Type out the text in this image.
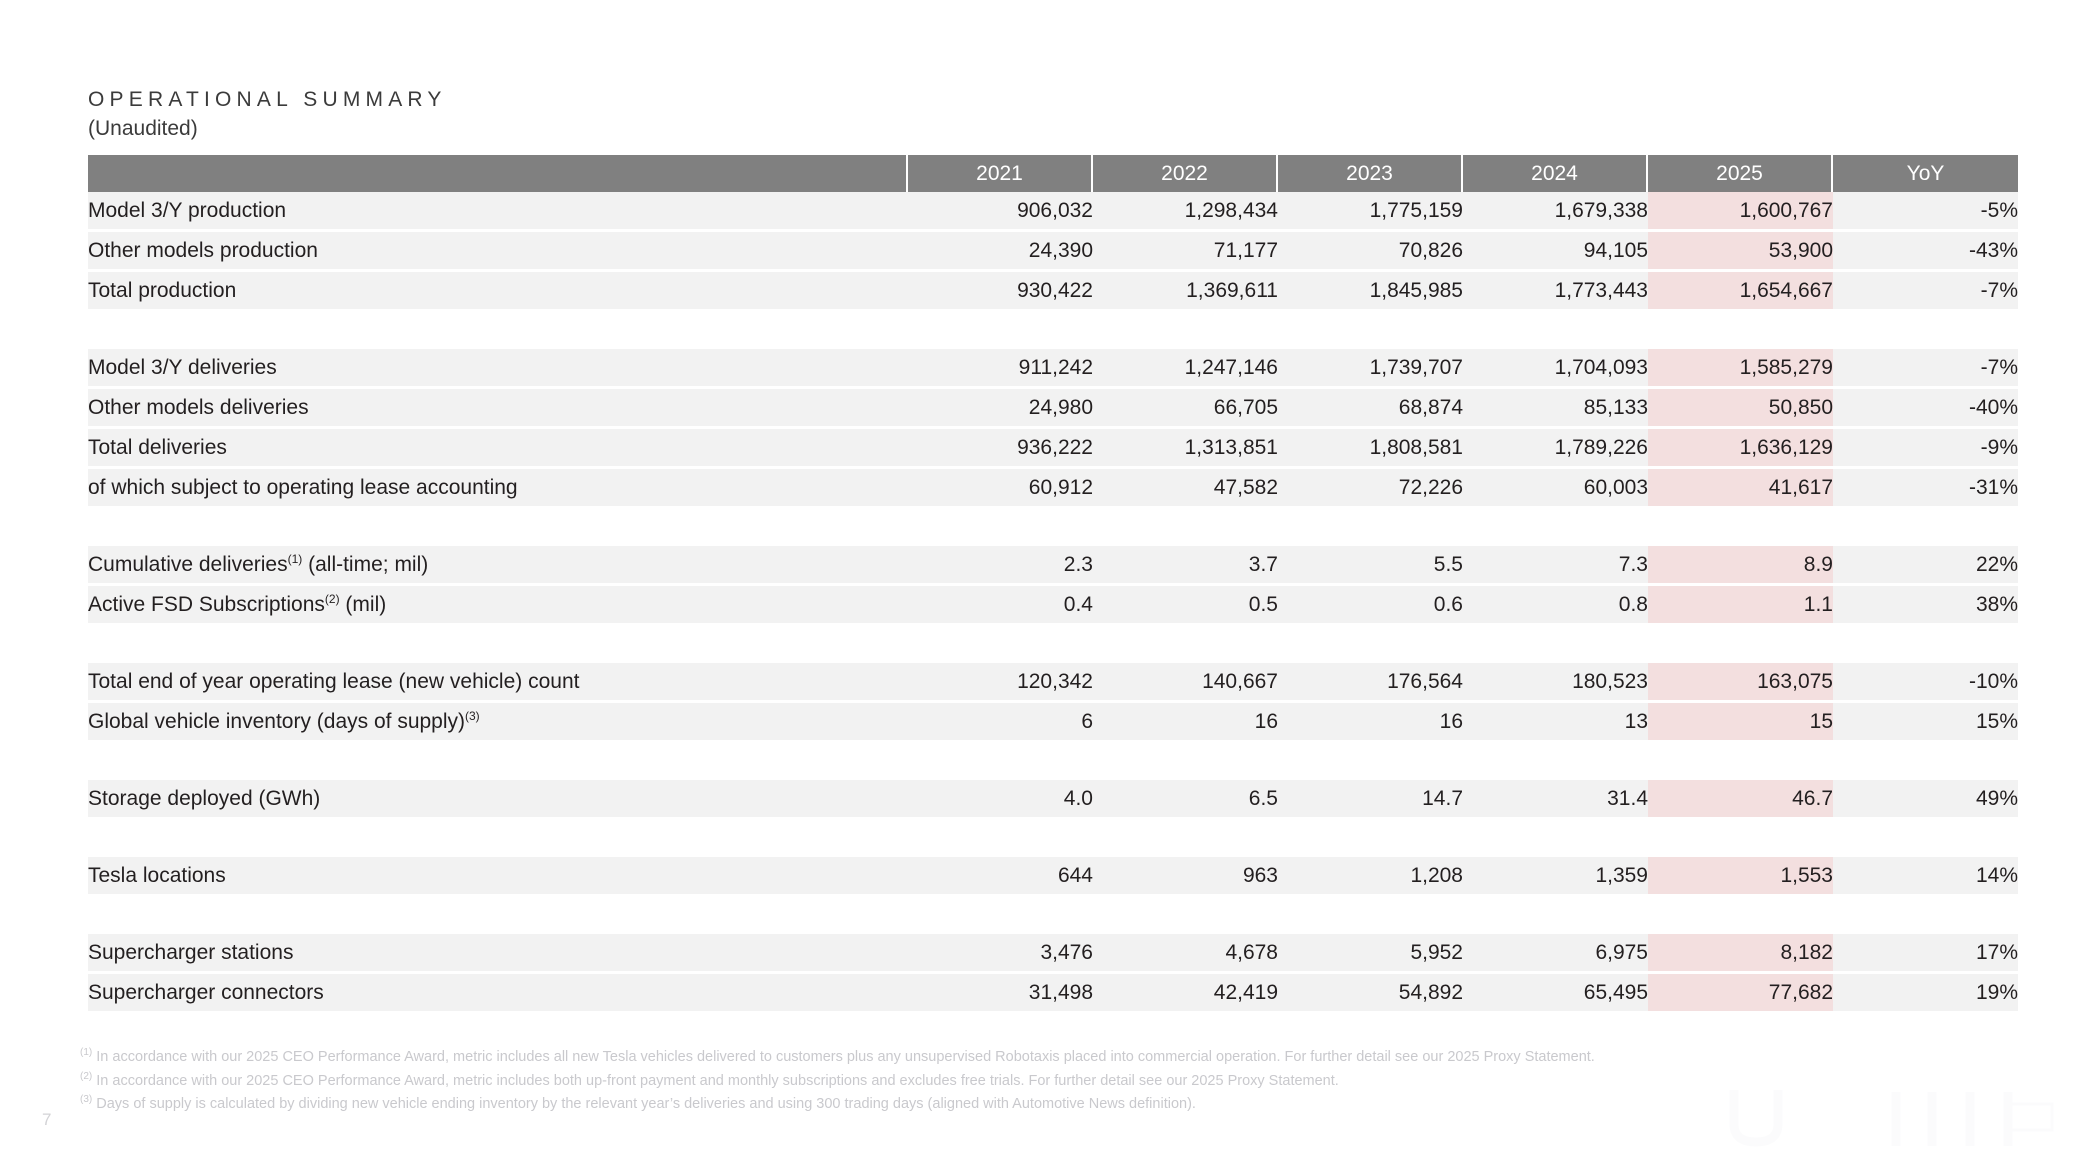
OPERATIONAL SUMMARY
(Unaudited)
	2021	2022	2023	2024	2025	YoY
Model 3/Y production	906,032	1,298,434	1,775,159	1,679,338	1,600,767	-5%
Other models production	24,390	71,177	70,826	94,105	53,900	-43%
Total production	930,422	1,369,611	1,845,985	1,773,443	1,654,667	-7%

Model 3/Y deliveries	911,242	1,247,146	1,739,707	1,704,093	1,585,279	-7%
Other models deliveries	24,980	66,705	68,874	85,133	50,850	-40%
Total deliveries	936,222	1,313,851	1,808,581	1,789,226	1,636,129	-9%
of which subject to operating lease accounting	60,912	47,582	72,226	60,003	41,617	-31%

Cumulative deliveries$^{(1)}$ (all-time; mil)	2.3	3.7	5.5	7.3	8.9	22%
Active FSD Subscriptions$^{(2)}$ (mil)	0.4	0.5	0.6	0.8	1.1	38%

Total end of year operating lease (new vehicle) count	120,342	140,667	176,564	180,523	163,075	-10%
Global vehicle inventory (days of supply)$^{(3)}$	6	16	16	13	15	15%

Storage deployed (GWh)	4.0	6.5	14.7	31.4	46.7	49%

Tesla locations	644	963	1,208	1,359	1,553	14%

Supercharger stations	3,476	4,678	5,952	6,975	8,182	17%
Supercharger connectors	31,498	42,419	54,892	65,495	77,682	19%
$^{(1)}$ In accordance with our 2025 CEO Performance Award, metric includes all new Tesla vehicles delivered to customers plus any unsupervised Robotaxis placed into commercial operation. For further detail see our 2025 Proxy Statement.
$^{(2)}$ In accordance with our 2025 CEO Performance Award, metric includes both up-front payment and monthly subscriptions and excludes free trials. For further detail see our 2025 Proxy Statement.
$^{(3)}$ Days of supply is calculated by dividing new vehicle ending inventory by the relevant year’s deliveries and using 300 trading days (aligned with Automotive News definition).
7
